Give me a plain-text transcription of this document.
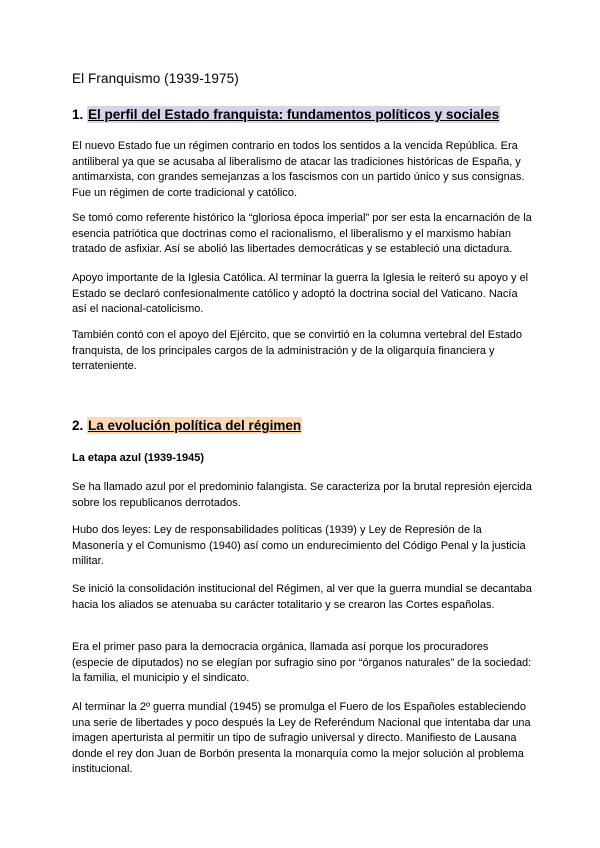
El Franquismo (1939-1975)
1. El perfil del Estado franquista: fundamentos políticos y sociales
El nuevo Estado fue un régimen contrario en todos los sentidos a la vencida República. Era antiliberal ya que se acusaba al liberalismo de atacar las tradiciones históricas de España, y antimarxista, con grandes semejanzas a los fascismos con un partido único y sus consignas. Fue un régimen de corte tradicional y católico.
Se tomó como referente histórico la “gloriosa época imperial” por ser esta la encarnación de la esencia patriótica que doctrinas como el racionalismo, el liberalismo y el marxismo habían tratado de asfixiar. Así se abolió las libertades democráticas y se estableció una dictadura.
Apoyo importante de la Iglesia Católica. Al terminar la guerra la Iglesia le reiteró su apoyo y el Estado se declaró confesionalmente católico y adoptó la doctrina social del Vaticano. Nacía así el nacional-catolicismo.
También contó con el apoyo del Ejército, que se convirtió en la columna vertebral del Estado franquista, de los principales cargos de la administración y de la oligarquía financiera y terrateniente.
2. La evolución política del régimen
La etapa azul (1939-1945)
Se ha llamado azul por el predominio falangista. Se caracteriza por la brutal represión ejercida sobre los republicanos derrotados.
Hubo dos leyes: Ley de responsabilidades políticas (1939) y Ley de Represión de la Masonería y el Comunismo (1940) así como un endurecimiento del Código Penal y la justicia militar.
Se inició la consolidación institucional del Régimen, al ver que la guerra mundial se decantaba hacia los aliados se atenuaba su carácter totalitario y se crearon las Cortes españolas.
Era el primer paso para la democracia orgánica, llamada así porque los procuradores (especie de diputados) no se elegían por sufragio sino por “órganos naturales” de la sociedad: la familia, el municipio y el sindicato.
Al terminar la 2º guerra mundial (1945) se promulga el Fuero de los Españoles estableciendo una serie de libertades y poco después la Ley de Referéndum Nacional que intentaba dar una imagen aperturista al permitir un tipo de sufragio universal y directo. Manifiesto de Lausana donde el rey don Juan de Borbón presenta la monarquía como la mejor solución al problema institucional.
